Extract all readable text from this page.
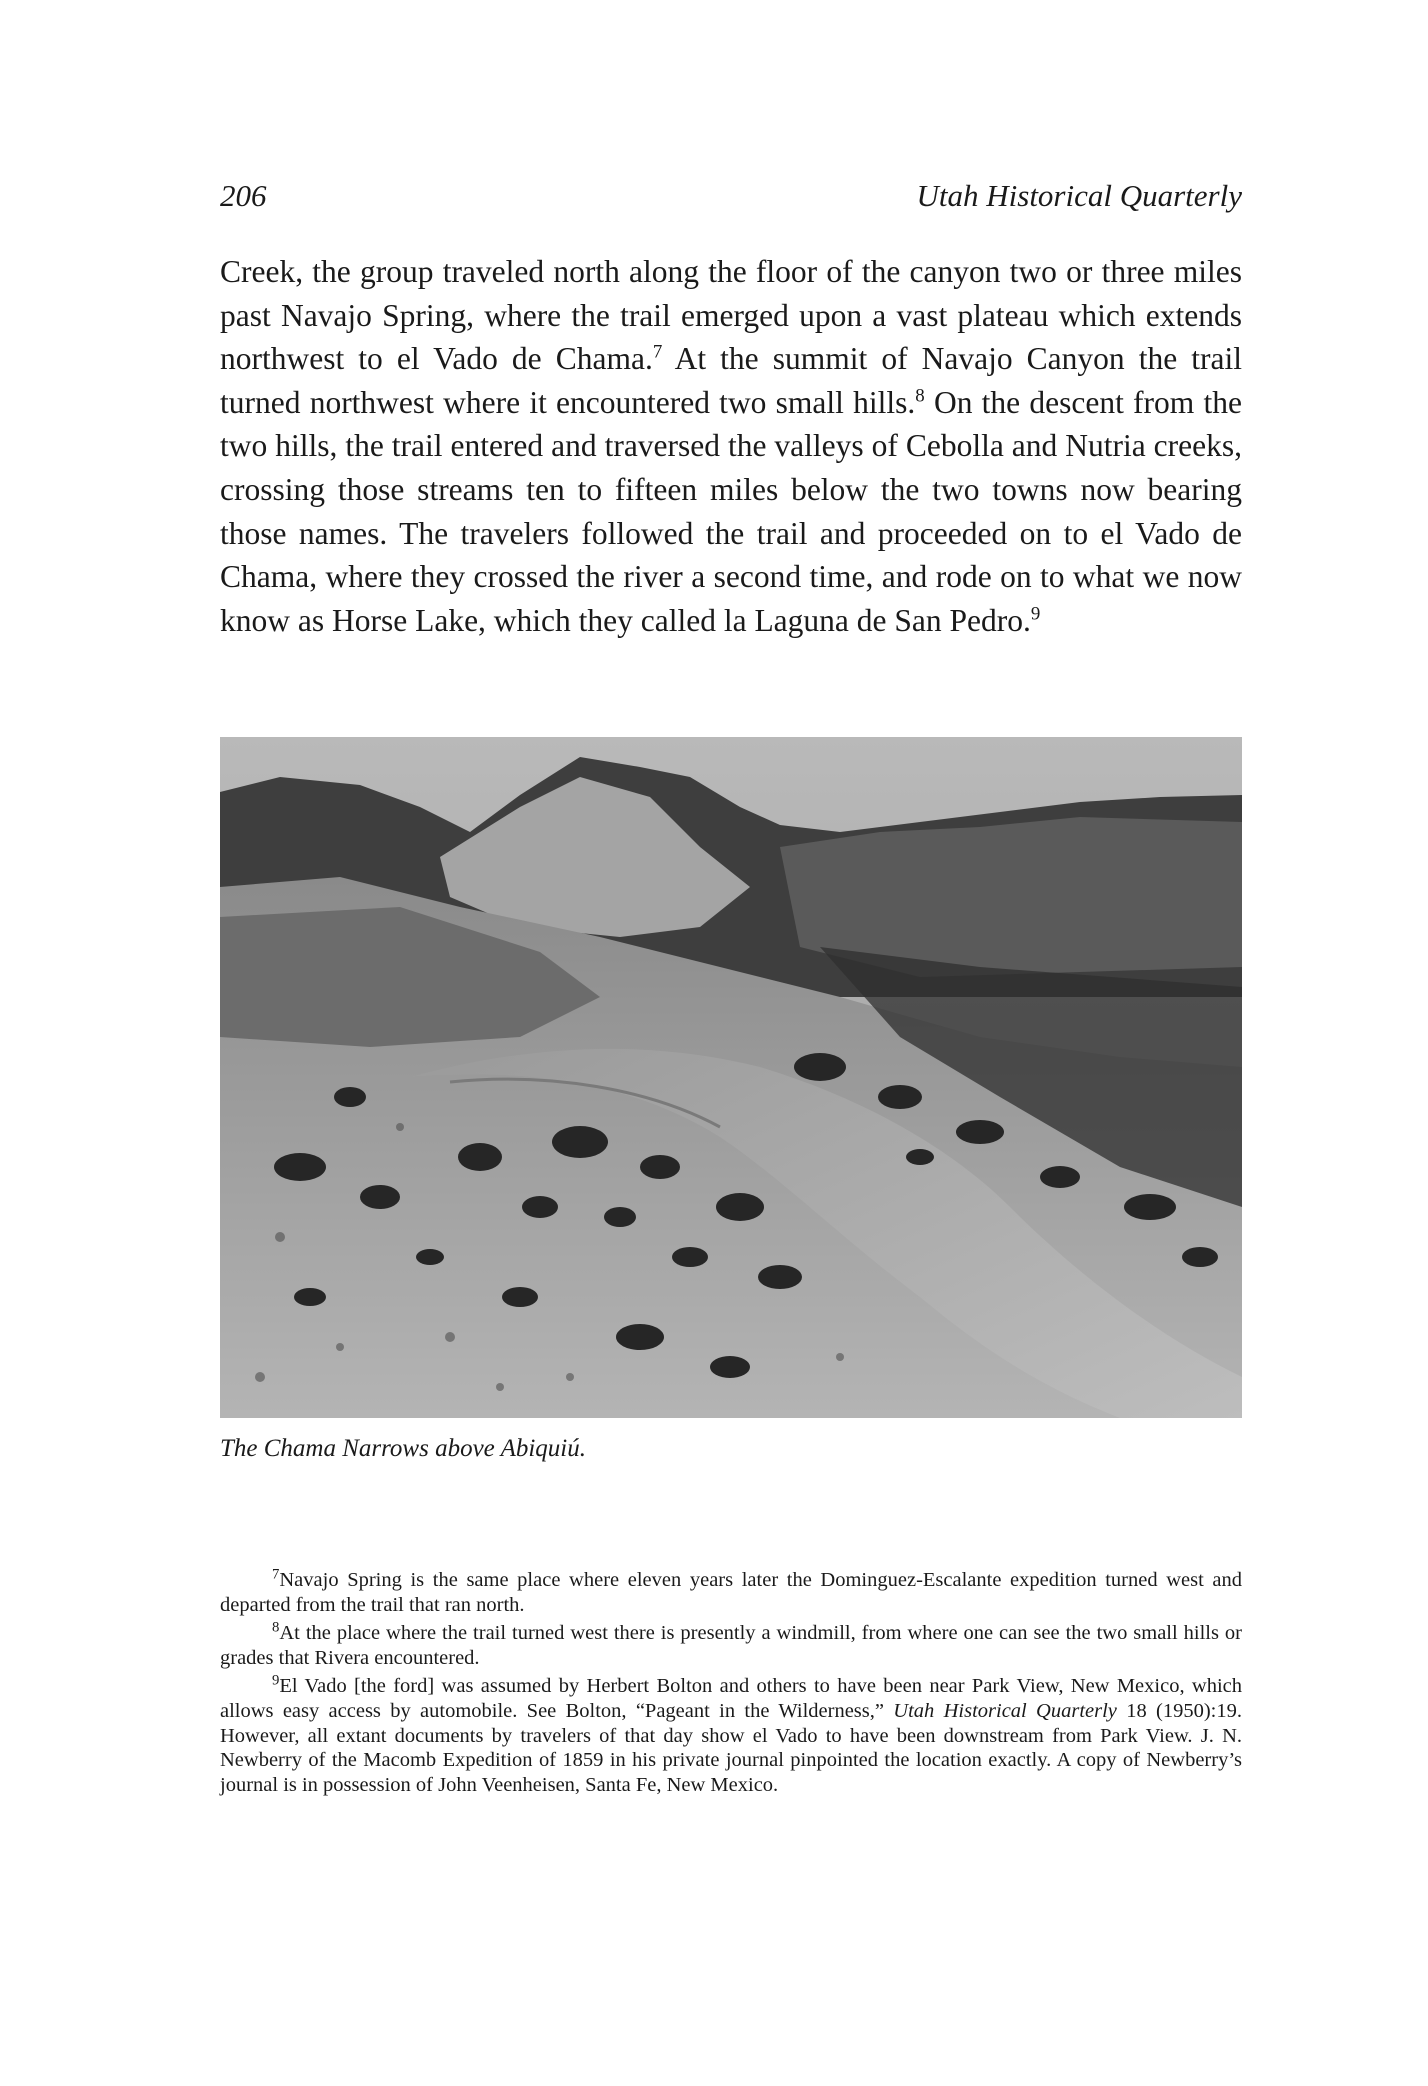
206	Utah Historical Quarterly

Creek, the group traveled north along the floor of the canyon two or three miles past Navajo Spring, where the trail emerged upon a vast plateau which extends northwest to el Vado de Chama.$^7$ At the summit of Navajo Canyon the trail turned northwest where it encountered two small hills.$^8$ On the descent from the two hills, the trail entered and traversed the valleys of Cebolla and Nutria creeks, crossing those streams ten to fifteen miles below the two towns now bearing those names. The travelers followed the trail and proceeded on to el Vado de Chama, where they crossed the river a second time, and rode on to what we now know as Horse Lake, which they called la Laguna de San Pedro.$^9$

The Chama Narrows above Abiquiú.

$^7$Navajo Spring is the same place where eleven years later the Dominguez-Escalante expedition turned west and departed from the trail that ran north.

$^8$At the place where the trail turned west there is presently a windmill, from where one can see the two small hills or grades that Rivera encountered.

$^9$El Vado [the ford] was assumed by Herbert Bolton and others to have been near Park View, New Mexico, which allows easy access by automobile. See Bolton, “Pageant in the Wilderness,” Utah Historical Quarterly 18 (1950):19. However, all extant documents by travelers of that day show el Vado to have been downstream from Park View. J. N. Newberry of the Macomb Expedition of 1859 in his private journal pinpointed the location exactly. A copy of Newberry’s journal is in possession of John Veenheisen, Santa Fe, New Mexico.
